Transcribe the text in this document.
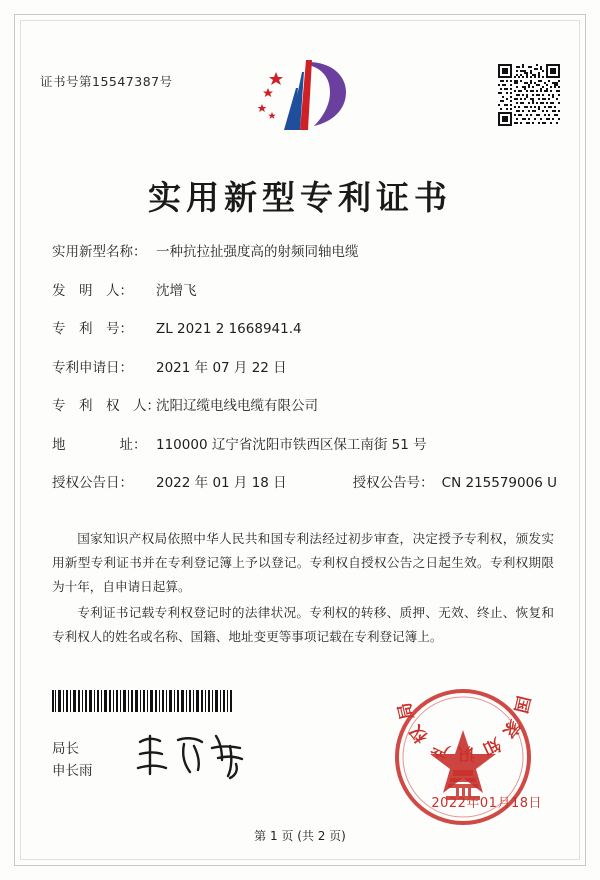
证书号第15547387号
实用新型专利证书
实用新型名称： 一种抗拉扯强度高的射频同轴电缆
发　明　人：	沈增飞
专　利　号：	ZL 2021 2 1668941.4
专利申请日：	2021 年 07 月 22 日
专　利　权　人：
沈阳辽缆电线电缆有限公司
地　　　　址： 110000 辽宁省沈阳市铁西区保工南街 51 号
授权公告日：	2022 年 01 月 18 日	授权公告号： CN 215579006 U

国家知识产权局依照中华人民共和国专利法经过初步审查，决定授予专利权，颁发实用新型专利证书并在专利登记簿上予以登记。专利权自授权公告之日起生效。专利权期限为十年，自申请日起算。

专利证书记载专利权登记时的法律状况。专利权的转移、质押、无效、终止、恢复和专利权人的姓名或名称、国籍、地址变更等事项记载在专利登记簿上。

国家知识产权局
局长
申长雨
2022年01月18日
第 1 页 (共 2 页)
